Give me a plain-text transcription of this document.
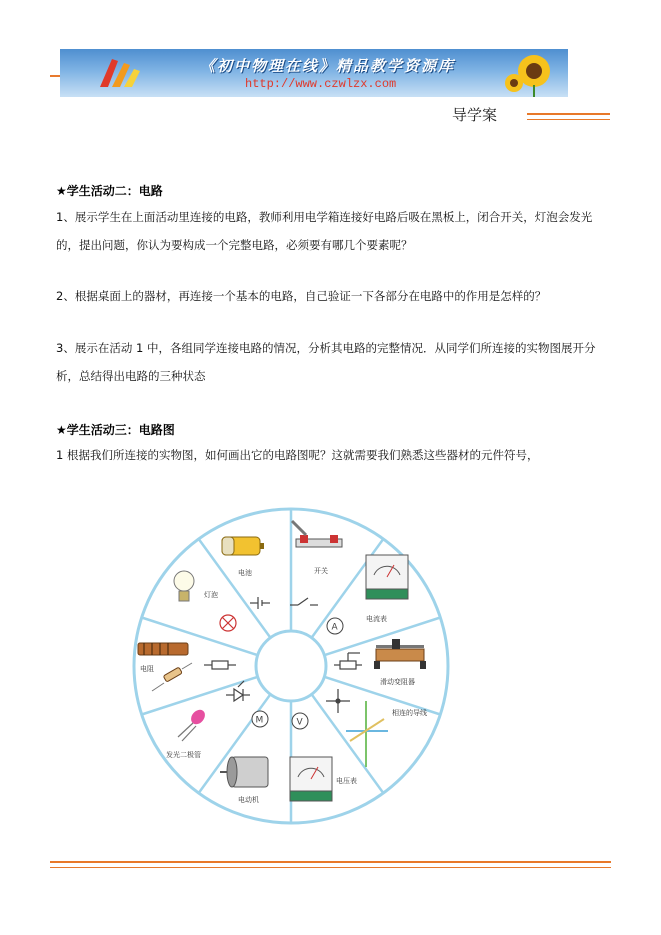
《初中物理在线》精品教学资源库
http://www.czwlzx.com
导学案
★学生活动二：电路
1、展示学生在上面活动里连接的电路，教师利用电学箱连接好电路后吸在黑板上，闭合开关，灯泡会发光的，提出问题，你认为要构成一个完整电路，必须要有哪几个要素呢？
2、根据桌面上的器材，再连接一个基本的电路，自己验证一下各部分在电路中的作用是怎样的？
3、展示在活动 1 中，各组同学连接电路的情况，分析其电路的完整情况．从同学们所连接的实物图展开分析，总结得出电路的三种状态
★学生活动三：电路图
1 根据我们所连接的实物图，如何画出它的电路图呢？这就需要我们熟悉这些器材的元件符号，
电池	开关
电流表
A
滑动变阻器
相连的导线
电压表
V
电动机
M
发光二极管
电阻
灯泡
